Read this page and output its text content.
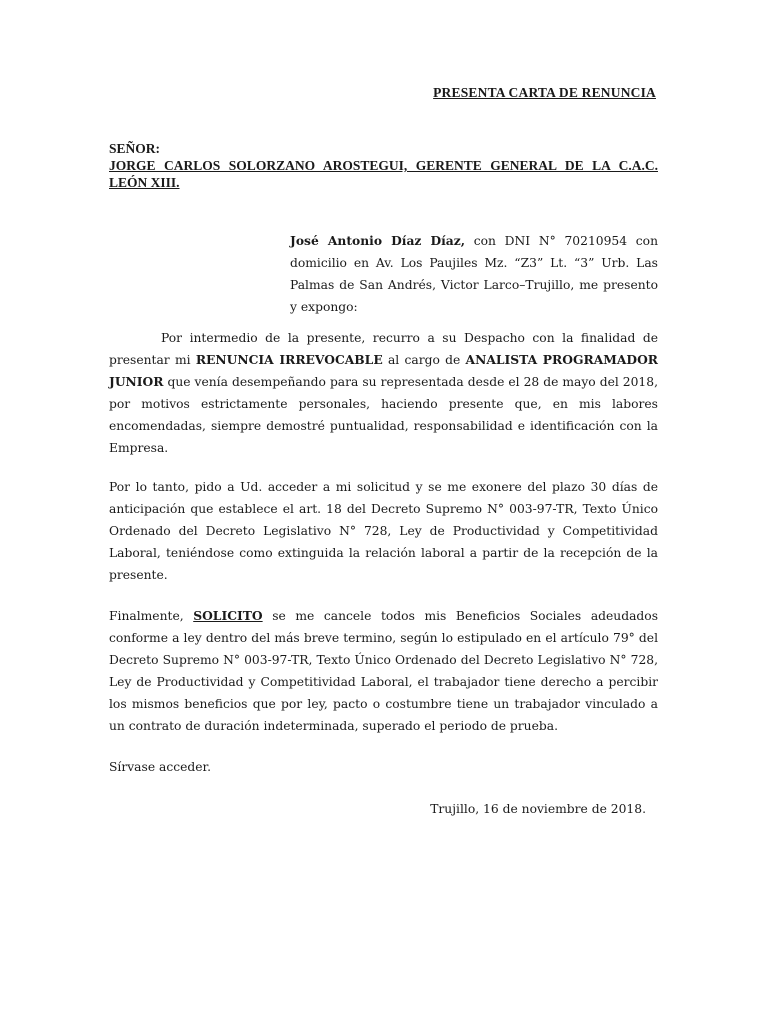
PRESENTA CARTA DE RENUNCIA
SEÑOR:
JORGE CARLOS SOLORZANO AROSTEGUI, GERENTE GENERAL DE LA C.A.C. LEÓN XIII.
José Antonio Díaz Díaz, con DNI N° 70210954 con domicilio en Av. Los Paujiles Mz. “Z3” Lt. “3” Urb. Las Palmas de San Andrés, Victor Larco–Trujillo, me presento y expongo:
Por intermedio de la presente, recurro a su Despacho con la finalidad de presentar mi RENUNCIA IRREVOCABLE al cargo de ANALISTA PROGRAMADOR JUNIOR que venía desempeñando para su representada desde el 28 de mayo del 2018, por motivos estrictamente personales, haciendo presente que, en mis labores encomendadas, siempre demostré puntualidad, responsabilidad e identificación con la Empresa.
Por lo tanto, pido a Ud. acceder a mi solicitud y se me exonere del plazo 30 días de anticipación que establece el art. 18 del Decreto Supremo N° 003-97-TR, Texto Único Ordenado del Decreto Legislativo N° 728, Ley de Productividad y Competitividad Laboral, teniéndose como extinguida la relación laboral a partir de la recepción de la presente.
Finalmente, SOLICITO se me cancele todos mis Beneficios Sociales adeudados conforme a ley dentro del más breve termino, según lo estipulado en el artículo 79° del Decreto Supremo N° 003-97-TR, Texto Único Ordenado del Decreto Legislativo N° 728, Ley de Productividad y Competitividad Laboral, el trabajador tiene derecho a percibir los mismos beneficios que por ley, pacto o costumbre tiene un trabajador vinculado a un contrato de duración indeterminada, superado el periodo de prueba.
Sírvase acceder.
Trujillo, 16 de noviembre de 2018.
